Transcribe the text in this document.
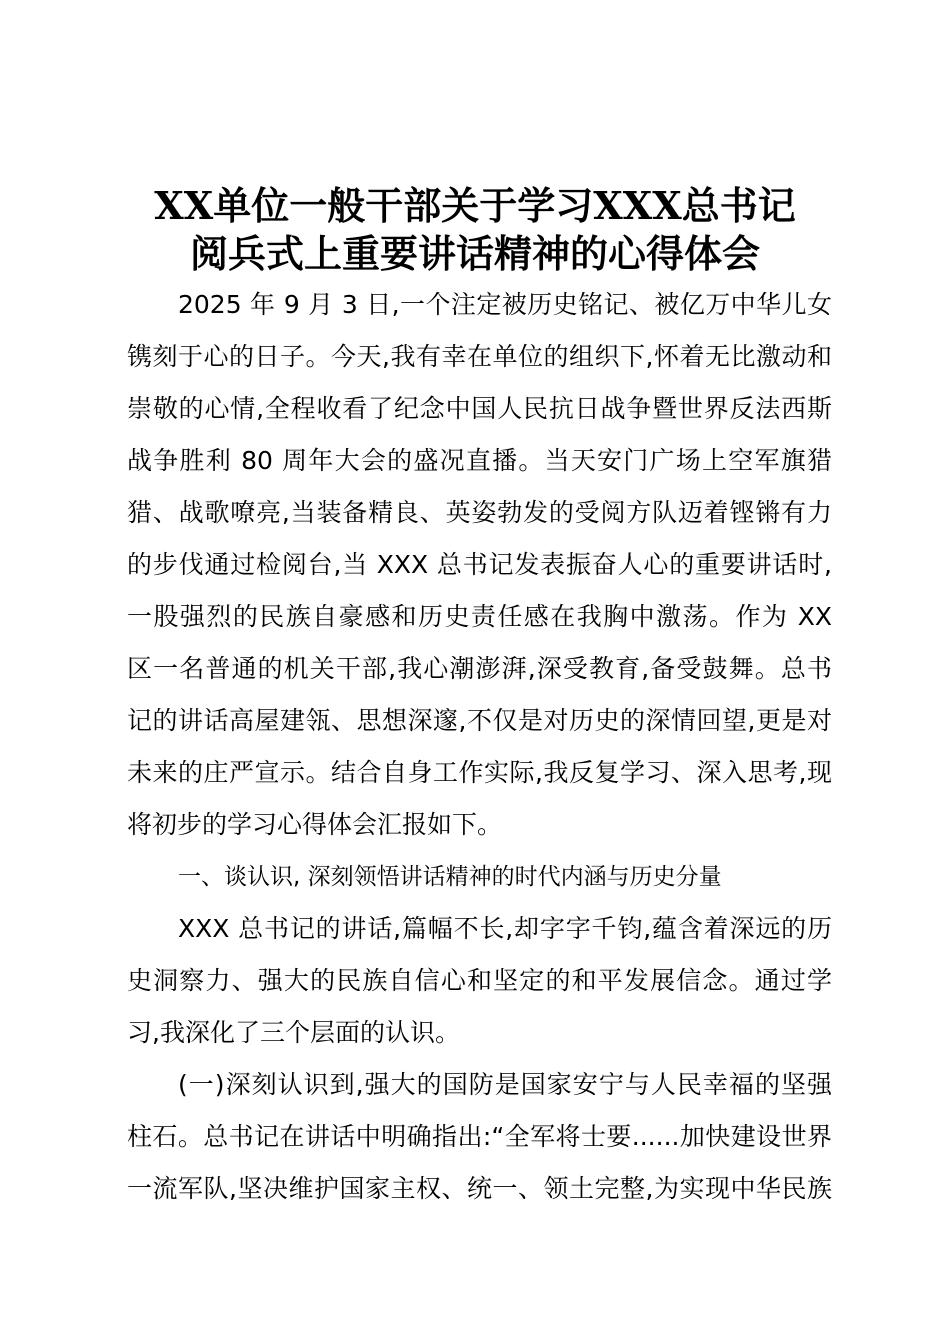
XX单位一般干部关于学习XXX总书记
阅兵式上重要讲话精神的心得体会
2025 年 9 月 3 日,一个注定被历史铭记、被亿万中华儿女
镌刻于心的日子。今天,我有幸在单位的组织下,怀着无比激动和
崇敬的心情,全程收看了纪念中国人民抗日战争暨世界反法西斯
战争胜利 80 周年大会的盛况直播。当天安门广场上空军旗猎
猎、战歌嘹亮,当装备精良、英姿勃发的受阅方队迈着铿锵有力
的步伐通过检阅台,当 XXX 总书记发表振奋人心的重要讲话时,
一股强烈的民族自豪感和历史责任感在我胸中激荡。作为 XX
区一名普通的机关干部,我心潮澎湃,深受教育,备受鼓舞。总书
记的讲话高屋建瓴、思想深邃,不仅是对历史的深情回望,更是对
未来的庄严宣示。结合自身工作实际,我反复学习、深入思考,现
将初步的学习心得体会汇报如下。
一、谈认识, 深刻领悟讲话精神的时代内涵与历史分量
XXX 总书记的讲话,篇幅不长,却字字千钧,蕴含着深远的历
史洞察力、强大的民族自信心和坚定的和平发展信念。通过学
习,我深化了三个层面的认识。
(一)深刻认识到,强大的国防是国家安宁与人民幸福的坚强
柱石。总书记在讲话中明确指出:“全军将士要......加快建设世界
一流军队,坚决维护国家主权、统一、领土完整,为实现中华民族
